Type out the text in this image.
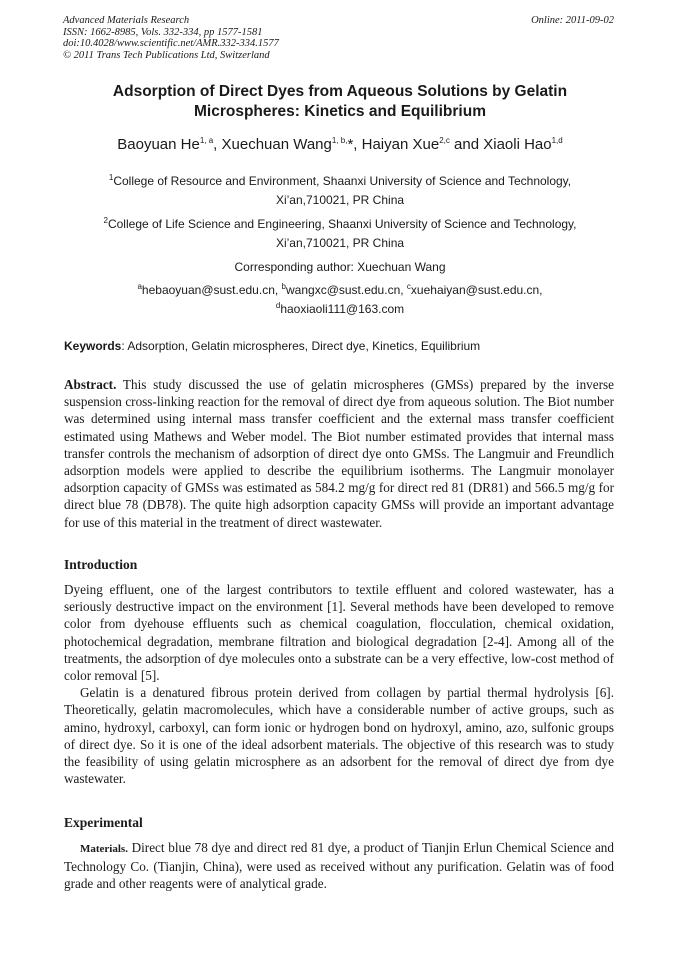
Advanced Materials Research
ISSN: 1662-8985, Vols. 332-334, pp 1577-1581
doi:10.4028/www.scientific.net/AMR.332-334.1577
© 2011 Trans Tech Publications Ltd, Switzerland
Online: 2011-09-02
Adsorption of Direct Dyes from Aqueous Solutions by Gelatin
Microspheres: Kinetics and Equilibrium
Baoyuan He$^{1, a}$, Xuechuan Wang$^{1, b,}$*, Haiyan Xue$^{2,c}$ and Xiaoli Hao$^{1,d}$
$^1$College of Resource and Environment, Shaanxi University of Science and Technology,
Xi’an,710021, PR China
$^2$College of Life Science and Engineering, Shaanxi University of Science and Technology,
Xi’an,710021, PR China
Corresponding author: Xuechuan Wang
$^a$hebaoyuan@sust.edu.cn, $^b$wangxc@sust.edu.cn, $^c$xuehaiyan@sust.edu.cn,
$^d$haoxiaoli111@163.com
Keywords: Adsorption, Gelatin microspheres, Direct dye, Kinetics, Equilibrium

Abstract. This study discussed the use of gelatin microspheres (GMSs) prepared by the inverse suspension cross-linking reaction for the removal of direct dye from aqueous solution. The Biot number was determined using internal mass transfer coefficient and the external mass transfer coefficient estimated using Mathews and Weber model. The Biot number estimated provides that internal mass transfer controls the mechanism of adsorption of direct dye onto GMSs. The Langmuir and Freundlich adsorption models were applied to describe the equilibrium isotherms. The Langmuir monolayer adsorption capacity of GMSs was estimated as 584.2 mg/g for direct red 81 (DR81) and 566.5 mg/g for direct blue 78 (DB78). The quite high adsorption capacity GMSs will provide an important advantage for use of this material in the treatment of direct wastewater.

Introduction

Dyeing effluent, one of the largest contributors to textile effluent and colored wastewater, has a seriously destructive impact on the environment [1]. Several methods have been developed to remove color from dyehouse effluents such as chemical coagulation, flocculation, chemical oxidation, photochemical degradation, membrane filtration and biological degradation [2-4]. Among all of the treatments, the adsorption of dye molecules onto a substrate can be a very effective, low-cost method of color removal [5].

Gelatin is a denatured fibrous protein derived from collagen by partial thermal hydrolysis [6]. Theoretically, gelatin macromolecules, which have a considerable number of active groups, such as amino, hydroxyl, carboxyl, can form ionic or hydrogen bond on hydroxyl, amino, azo, sulfonic groups of direct dye. So it is one of the ideal adsorbent materials. The objective of this research was to study the feasibility of using gelatin microsphere as an adsorbent for the removal of direct dye from dye wastewater.

Experimental

Materials. Direct blue 78 dye and direct red 81 dye, a product of Tianjin Erlun Chemical Science and Technology Co. (Tianjin, China), were used as received without any purification. Gelatin was of food grade and other reagents were of analytical grade.
